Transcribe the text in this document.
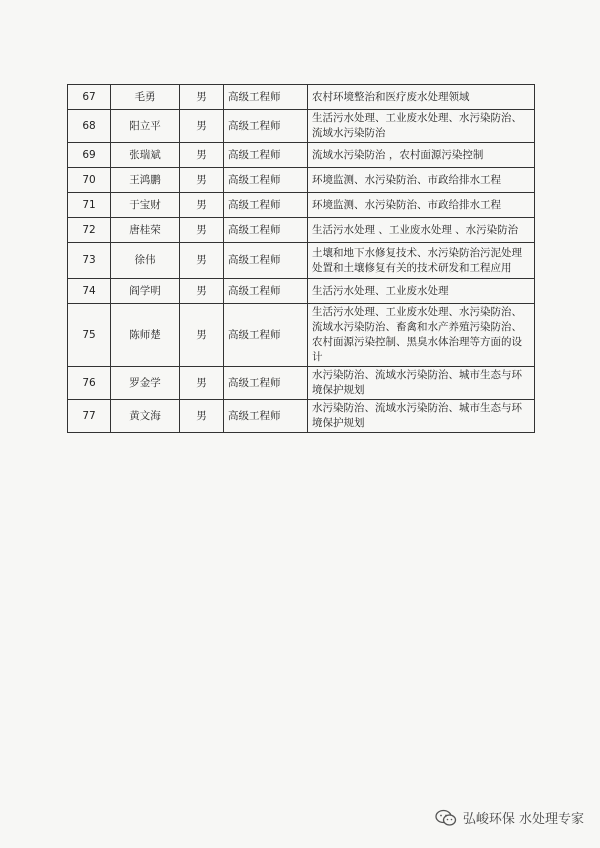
67	毛勇	男	高级工程师	农村环境整治和医疗废水处理领域
68	阳立平	男	高级工程师	生活污水处理、工业废水处理、水污染防治、流域水污染防治
69	张瑞斌	男	高级工程师	流域水污染防治 ，农村面源污染控制
70	王鸿鹏	男	高级工程师	环境监测、水污染防治、市政给排水工程
71	于宝财	男	高级工程师	环境监测、水污染防治、市政给排水工程
72	唐桂荣	男	高级工程师	生活污水处理 、工业废水处理 、水污染防治
73	徐伟	男	高级工程师	土壤和地下水修复技术、水污染防治污泥处理处置和土壤修复有关的技术研发和工程应用
74	阎学明	男	高级工程师	生活污水处理、工业废水处理
75	陈师楚	男	高级工程师	生活污水处理、工业废水处理、水污染防治、流域水污染防治、畜禽和水产养殖污染防治、农村面源污染控制、黑臭水体治理等方面的设计
76	罗金学	男	高级工程师	水污染防治、流域水污染防治、城市生态与环境保护规划
77	黄文海	男	高级工程师	水污染防治、流域水污染防治、城市生态与环境保护规划
弘峻环保 水处理专家
